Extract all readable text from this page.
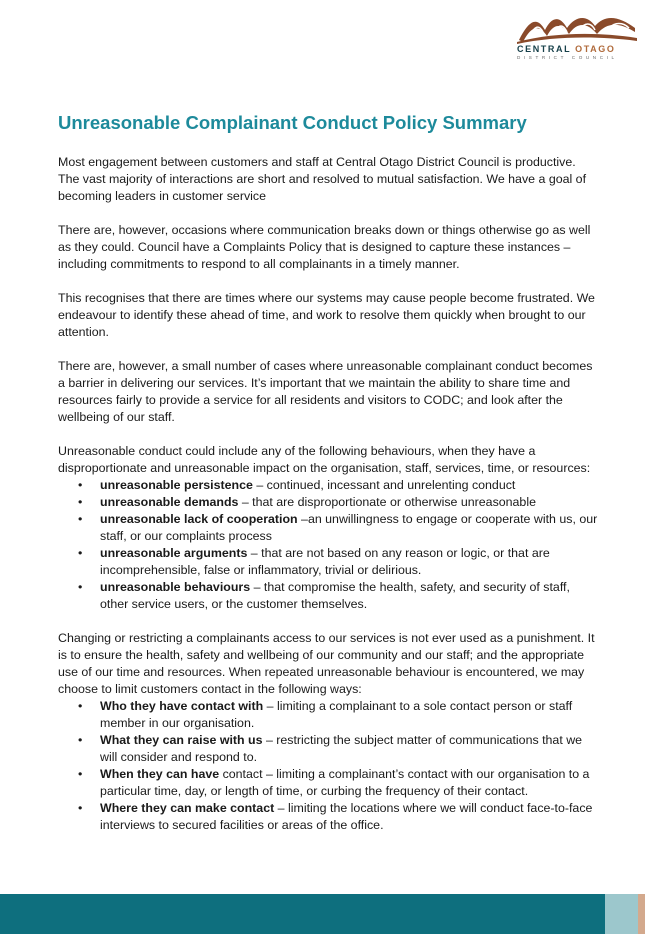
CENTRAL OTAGO
DISTRICT COUNCIL
Unreasonable Complainant Conduct Policy Summary

Most engagement between customers and staff at Central Otago District Council is productive. The vast majority of interactions are short and resolved to mutual satisfaction. We have a goal of becoming leaders in customer service

There are, however, occasions where communication breaks down or things otherwise go as well as they could. Council have a Complaints Policy that is designed to capture these instances – including commitments to respond to all complainants in a timely manner.

This recognises that there are times where our systems may cause people become frustrated. We endeavour to identify these ahead of time, and work to resolve them quickly when brought to our attention.

There are, however, a small number of cases where unreasonable complainant conduct becomes a barrier in delivering our services. It’s important that we maintain the ability to share time and resources fairly to provide a service for all residents and visitors to CODC; and look after the wellbeing of our staff.

Unreasonable conduct could include any of the following behaviours, when they have a disproportionate and unreasonable impact on the organisation, staff, services, time, or resources:

• unreasonable persistence – continued, incessant and unrelenting conduct
• unreasonable demands – that are disproportionate or otherwise unreasonable
• unreasonable lack of cooperation –an unwillingness to engage or cooperate with us, our staff, or our complaints process
• unreasonable arguments – that are not based on any reason or logic, or that are incomprehensible, false or inflammatory, trivial or delirious.
• unreasonable behaviours – that compromise the health, safety, and security of staff, other service users, or the customer themselves.

Changing or restricting a complainants access to our services is not ever used as a punishment. It is to ensure the health, safety and wellbeing of our community and our staff; and the appropriate use of our time and resources. When repeated unreasonable behaviour is encountered, we may choose to limit customers contact in the following ways:

• Who they have contact with – limiting a complainant to a sole contact person or staff member in our organisation.
• What they can raise with us – restricting the subject matter of communications that we will consider and respond to.
• When they can have contact – limiting a complainant’s contact with our organisation to a particular time, day, or length of time, or curbing the frequency of their contact.
• Where they can make contact – limiting the locations where we will conduct face-to-face interviews to secured facilities or areas of the office.
